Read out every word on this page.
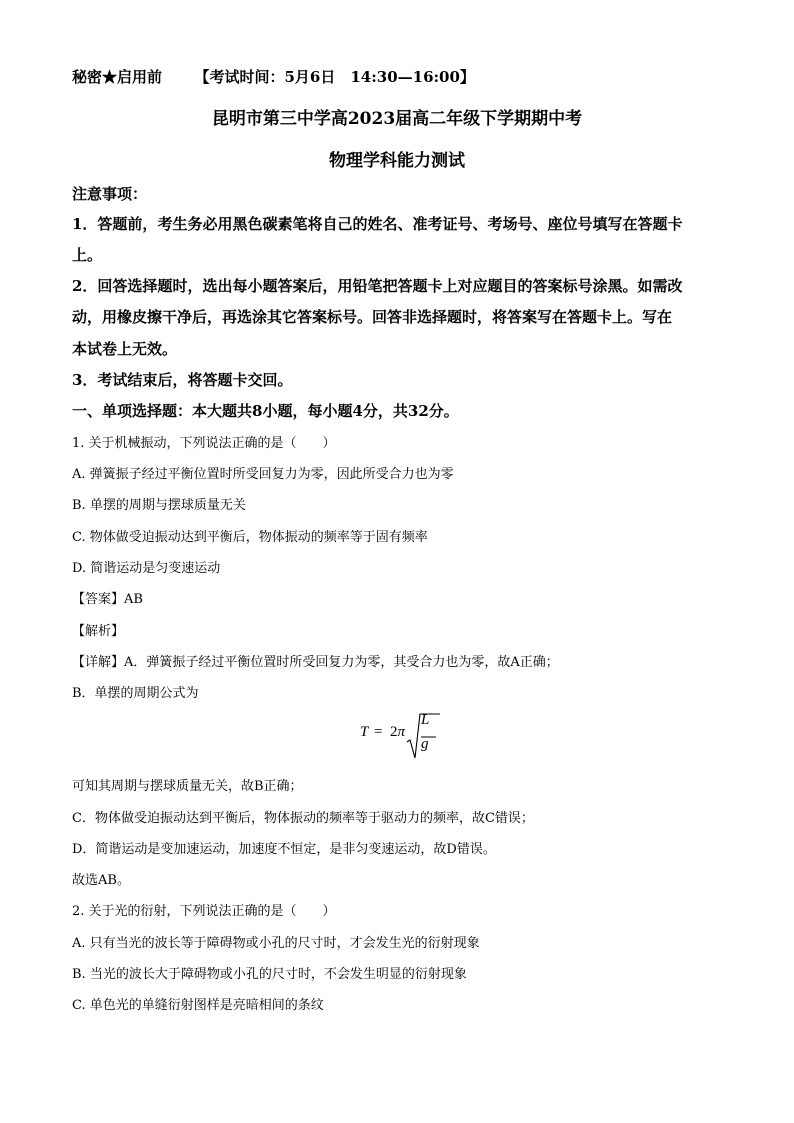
秘密★启用前 【考试时间：5月6日　14:30—16:00】
昆明市第三中学高2023届高二年级下学期期中考
物理学科能力测试
注意事项：
1．答题前，考生务必用黑色碳素笔将自己的姓名、准考证号、考场号、座位号填写在答题卡
上。
2．回答选择题时，选出每小题答案后，用铅笔把答题卡上对应题目的答案标号涂黑。如需改
动，用橡皮擦干净后，再选涂其它答案标号。回答非选择题时，将答案写在答题卡上。写在
本试卷上无效。
3．考试结束后，将答题卡交回。
一、单项选择题：本大题共8小题，每小题4分，共32分。
1. 关于机械振动，下列说法正确的是（　　）
A. 弹簧振子经过平衡位置时所受回复力为零，因此所受合力也为零
B. 单摆的周期与摆球质量无关
C. 物体做受迫振动达到平衡后，物体振动的频率等于固有频率
D. 简谐运动是匀变速运动
【答案】AB
【解析】
【详解】A．弹簧振子经过平衡位置时所受回复力为零，其受合力也为零，故A正确；
B．单摆的周期公式为
T = 2π
L
g
可知其周期与摆球质量无关，故B正确；
C．物体做受迫振动达到平衡后，物体振动的频率等于驱动力的频率，故C错误；
D．简谐运动是变加速运动，加速度不恒定，是非匀变速运动，故D错误。
故选AB。
2. 关于光的衍射，下列说法正确的是（　　）
A. 只有当光的波长等于障碍物或小孔的尺寸时，才会发生光的衍射现象
B. 当光的波长大于障碍物或小孔的尺寸时，不会发生明显的衍射现象
C. 单色光的单缝衍射图样是亮暗相间的条纹
